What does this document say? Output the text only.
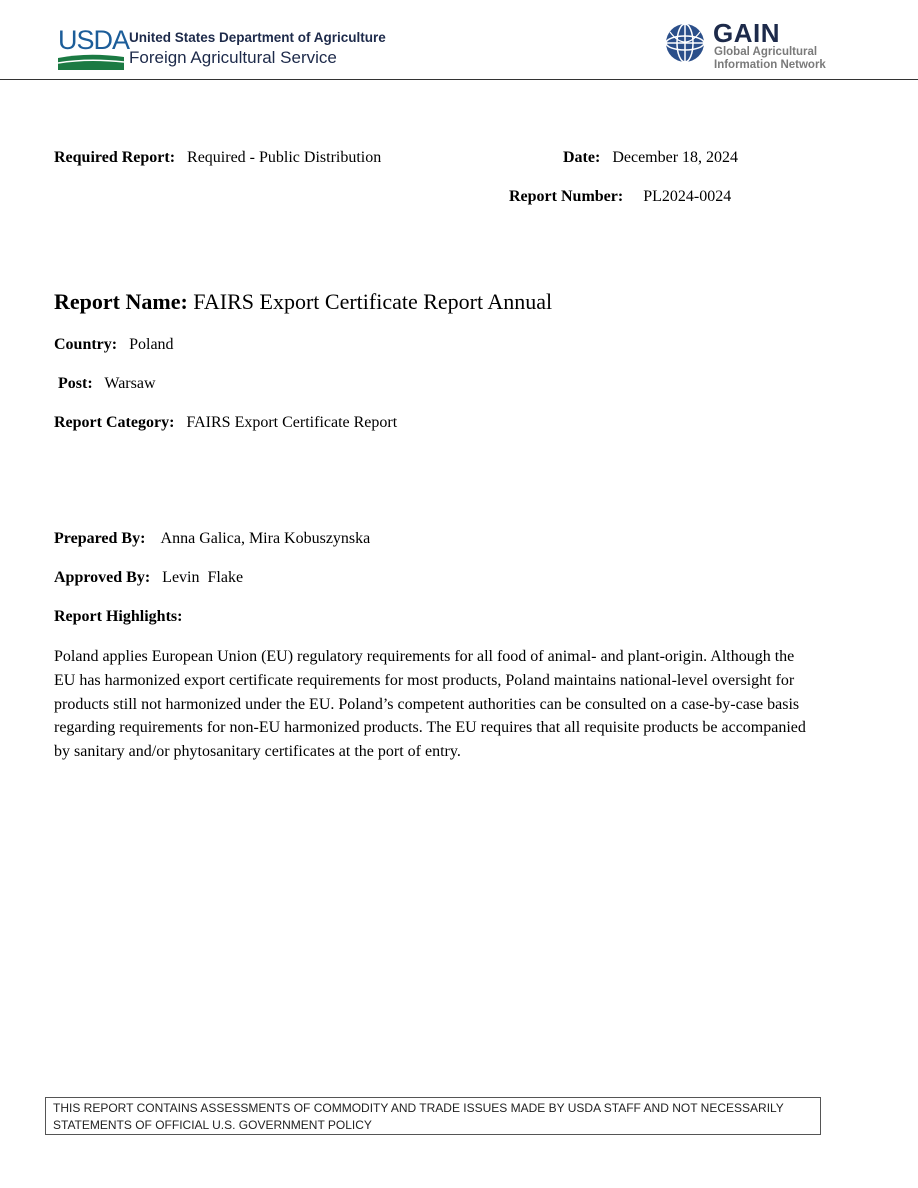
USDA United States Department of Agriculture
Foreign Agricultural Service
GAIN
Global Agricultural
Information Network
Required Report: Required - Public Distribution	Date: December 18, 2024
Report Number: PL2024-0024
Report Name: FAIRS Export Certificate Report Annual
Country: Poland
Post: Warsaw
Report Category: FAIRS Export Certificate Report
Prepared By: Anna Galica, Mira Kobuszynska
Approved By: Levin  Flake
Report Highlights:
Poland applies European Union (EU) regulatory requirements for all food of animal- and plant-origin. Although the EU has harmonized export certificate requirements for most products, Poland maintains national-level oversight for products still not harmonized under the EU. Poland’s competent authorities can be consulted on a case-by-case basis regarding requirements for non-EU harmonized products. The EU requires that all requisite products be accompanied by sanitary and/or phytosanitary certificates at the port of entry.
THIS REPORT CONTAINS ASSESSMENTS OF COMMODITY AND TRADE ISSUES MADE BY USDA STAFF AND NOT NECESSARILY STATEMENTS OF OFFICIAL U.S. GOVERNMENT POLICY
